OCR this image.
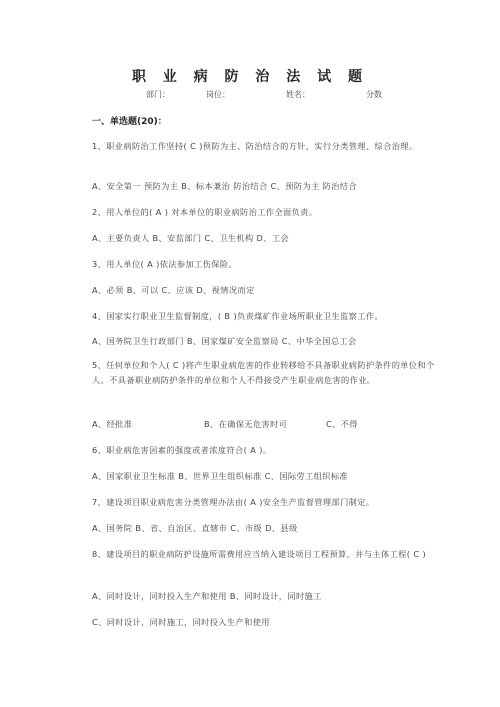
职 业 病 防 治 法 试 题
部门：	岗位：	姓名：	分数
一、单选题(20)：
1、职业病防治工作坚持( C )预防为主、防治结合的方针，实行分类管理、综合治理。
A、安全第一 预防为主 B、标本兼治 防治结合 C、预防为主 防治结合
2、用人单位的( A ) 对本单位的职业病防治工作全面负责。
A、主要负责人 B、安监部门 C、卫生机构 D、工会
3、用人单位( A )依法参加工伤保险。
A、必须 B、可以 C、应该 D、视情况而定
4、国家实行职业卫生监督制度，( B )负责煤矿作业场所职业卫生监察工作。
A、国务院卫生行政部门 B、国家煤矿安全监察局 C、中华全国总工会
5、任何单位和个人( C )将产生职业病危害的作业转移给不具备职业病防护条件的单位和个人。不具备职业病防护条件的单位和个人不得接受产生职业病危害的作业。
A、经批准	B、在确保无危害时可	C、不得
6、职业病危害因素的强度或者浓度符合( A )。
A、国家职业卫生标准 B、世界卫生组织标准 C、国际劳工组织标准
7、建设项目职业病危害分类管理办法由( A )安全生产监督管理部门制定。
A、国务院 B、省、自治区、直辖市 C、市级 D、县级
8、建设项目的职业病防护设施所需费用应当纳入建设项目工程预算，并与主体工程( C )
A、同时设计，同时投入生产和使用 B、同时设计，同时施工
C、同时设计，同时施工，同时投入生产和使用
